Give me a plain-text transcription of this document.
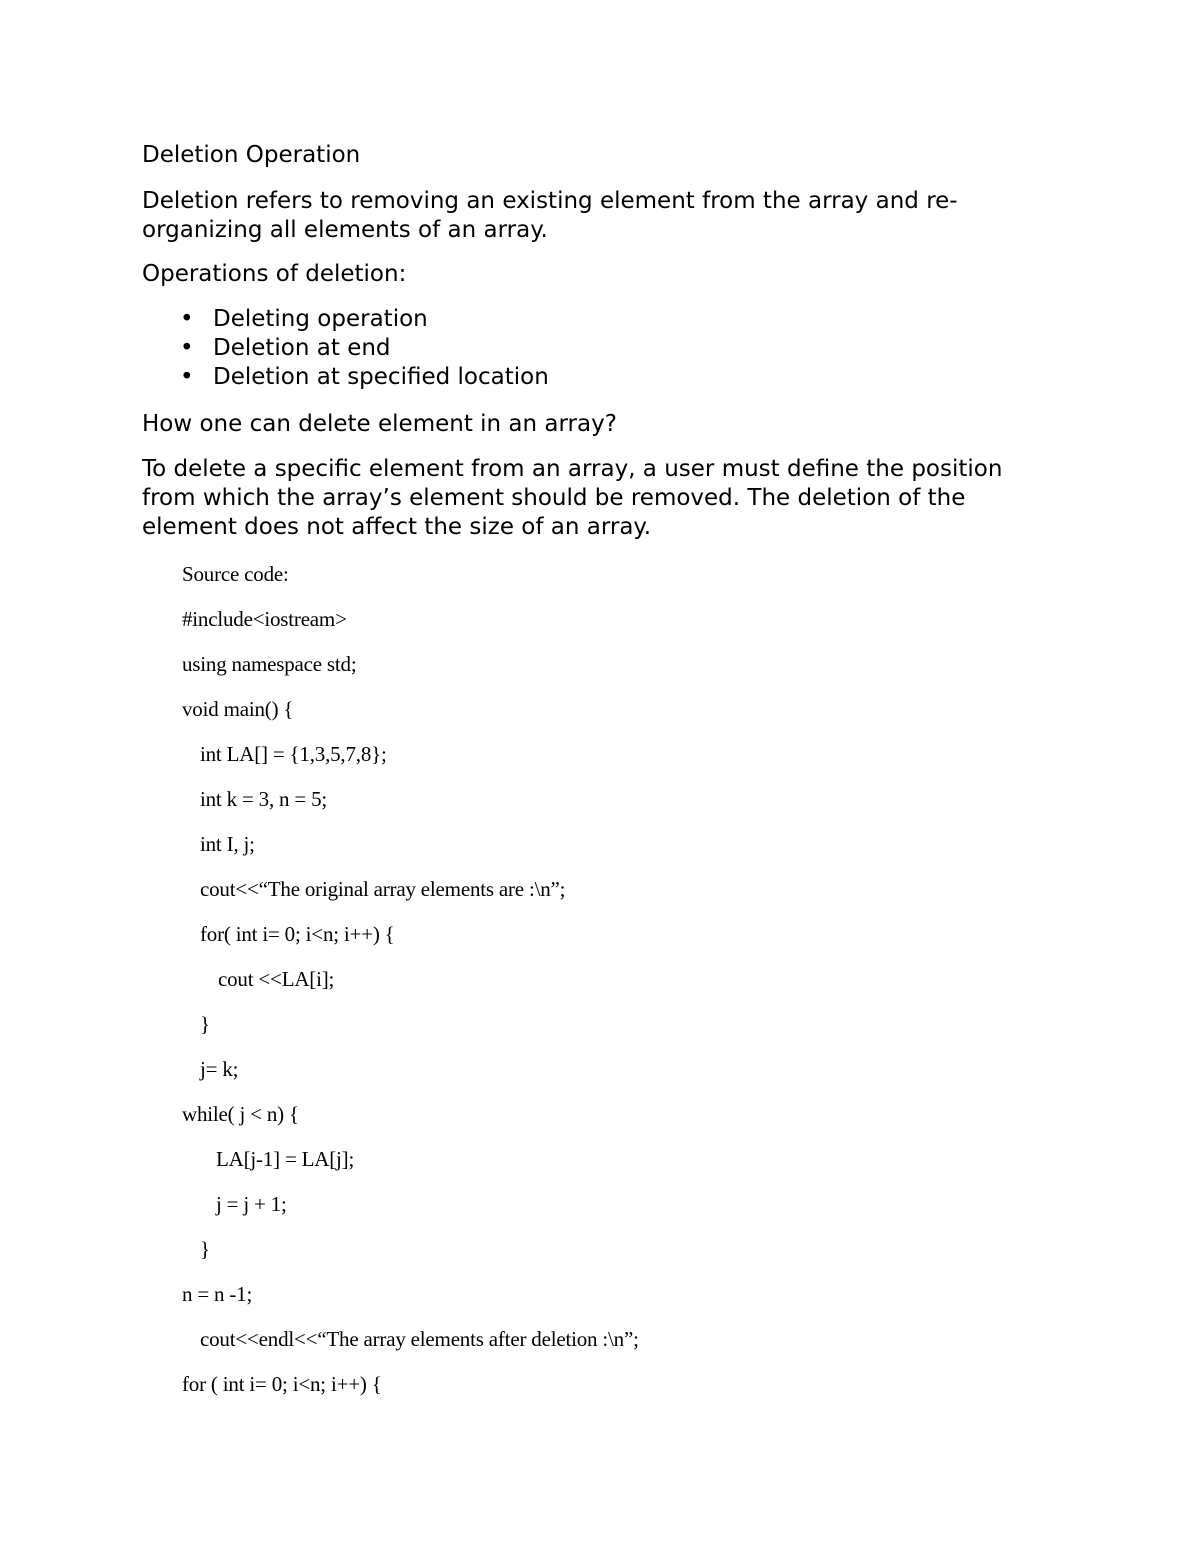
Deletion Operation
Deletion refers to removing an existing element from the array and re-
organizing all elements of an array.
Operations of deletion:
• Deleting operation
• Deletion at end
• Deletion at specified location
How one can delete element in an array?
To delete a specific element from an array, a user must define the position
from which the array’s element should be removed. The deletion of the
element does not affect the size of an array.
Source code:
#include<iostream>
using namespace std;
void main() {
int LA[] = {1,3,5,7,8};
int k = 3, n = 5;
int I, j;
cout<<“The original array elements are :\n”;
for( int i= 0; i<n; i++) {
cout <<LA[i];
}
j= k;
while( j < n) {
LA[j-1] = LA[j];
j = j + 1;
}
n = n -1;
cout<<endl<<“The array elements after deletion :\n”;
for ( int i= 0; i<n; i++) {
